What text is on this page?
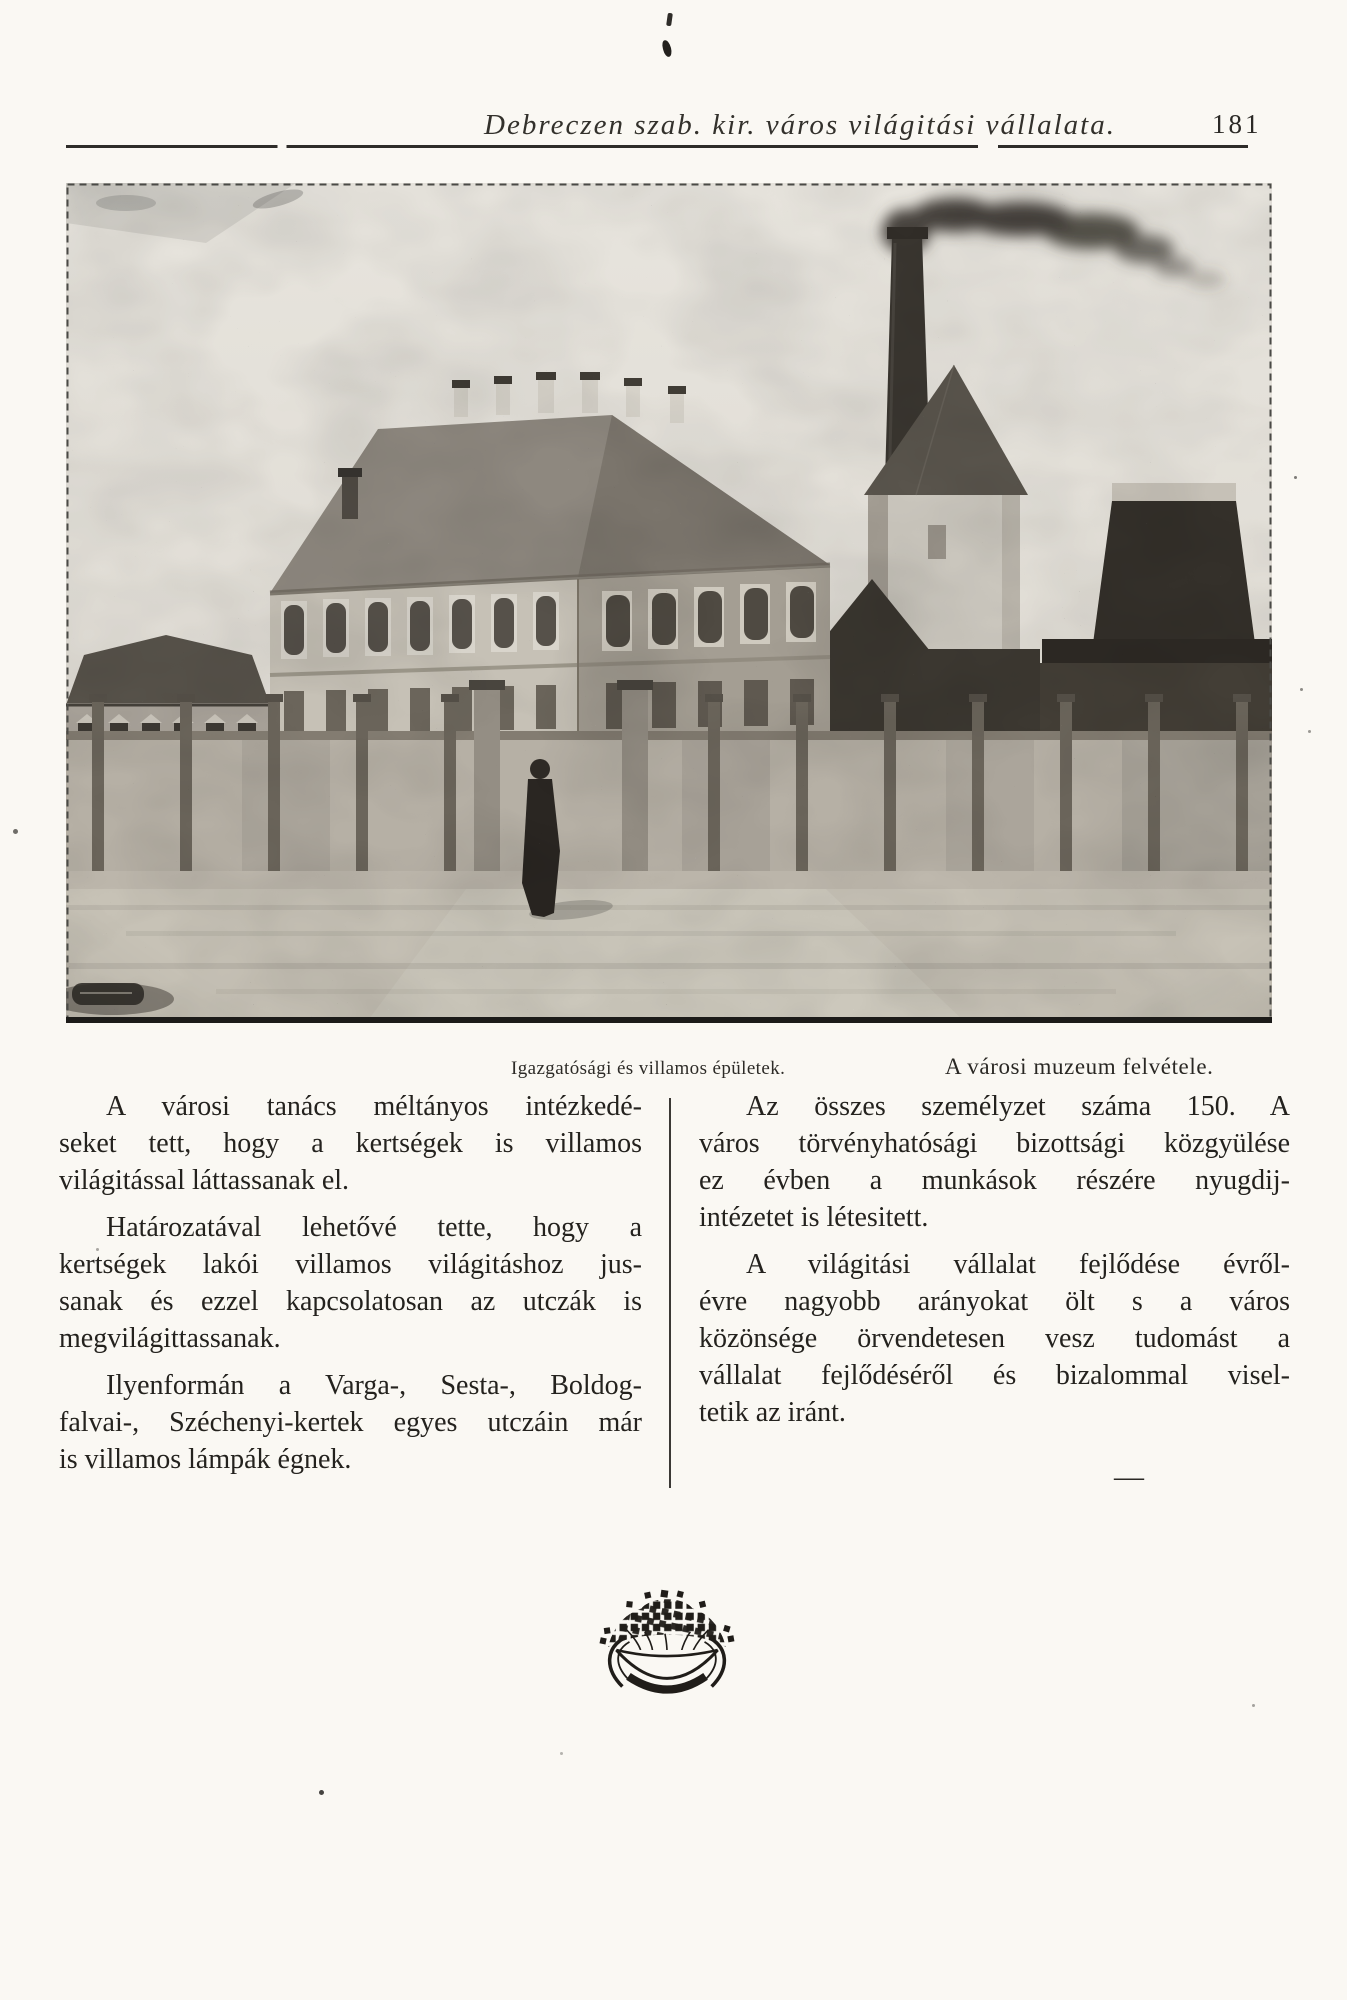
Debreczen szab. kir. város világitási vállalata.	181
Igazgatósági és villamos épületek.	A városi muzeum felvétele.
A városi tanács méltányos intézkedé-
seket tett, hogy a kertségek is villamos
világitással láttassanak el.
Határozatával lehetővé tette, hogy a
kertségek lakói villamos világitáshoz jus-
sanak és ezzel kapcsolatosan az utczák is
megvilágittassanak.
Ilyenformán a Varga-, Sesta-, Boldog-
falvai-, Széchenyi-kertek egyes utczáin már
is villamos lámpák égnek.
Az összes személyzet száma 150. A
város törvényhatósági bizottsági közgyülése
ez évben a munkások részére nyugdij-
intézetet is létesitett.
A világitási vállalat fejlődése évről-
évre nagyobb arányokat ölt s a város
közönsége örvendetesen vesz tudomást a
vállalat fejlődéséről és bizalommal visel-
tetik az iránt.
—
